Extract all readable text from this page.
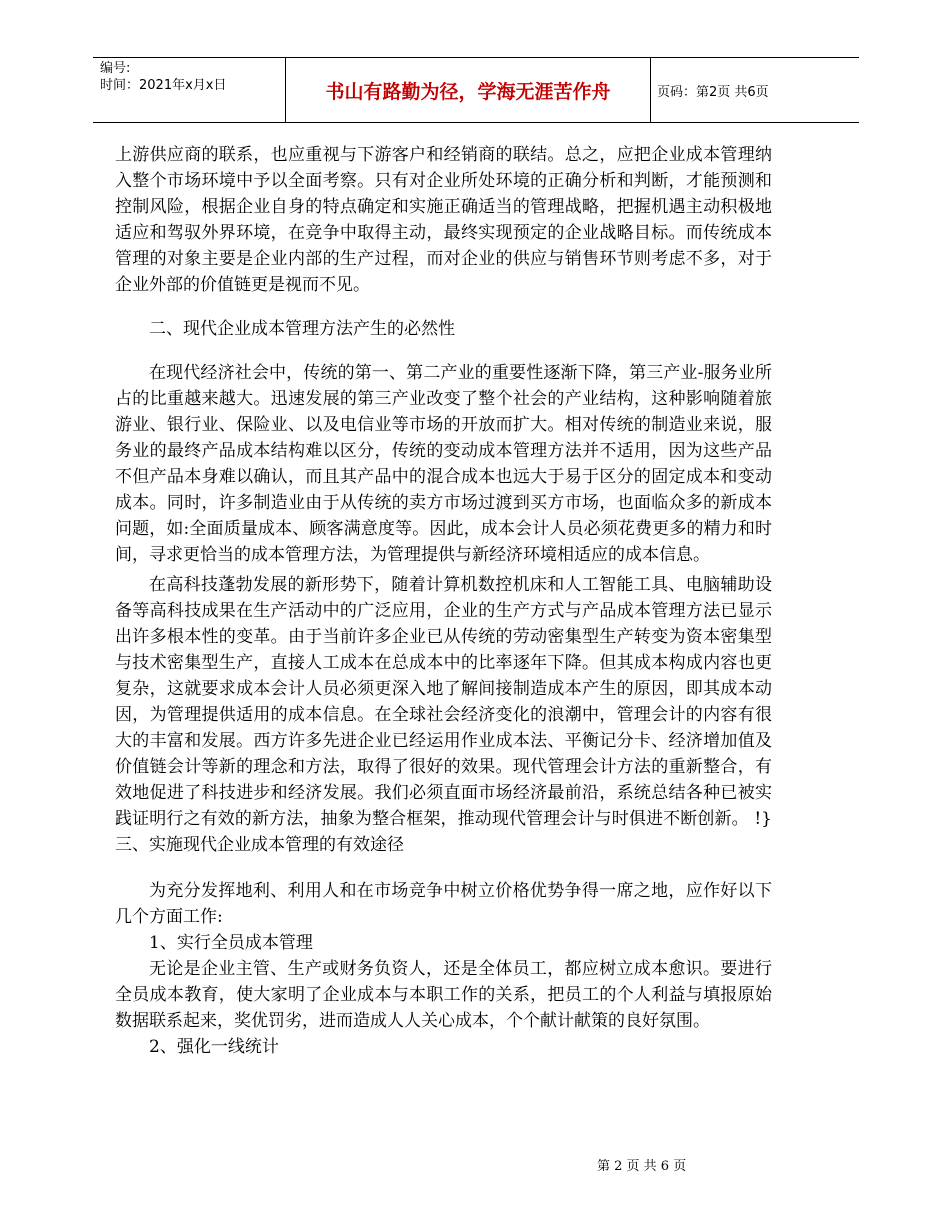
编号:
时间：2021年x月x日	书山有路勤为径，学海无涯苦作舟	页码：第2页 共6页

上游供应商的联系，也应重视与下游客户和经销商的联结。总之，应把企业成本管理纳入整个市场环境中予以全面考察。只有对企业所处环境的正确分析和判断，才能预测和控制风险，根据企业自身的特点确定和实施正确适当的管理战略，把握机遇主动积极地适应和驾驭外界环境，在竞争中取得主动，最终实现预定的企业战略目标。而传统成本管理的对象主要是企业内部的生产过程，而对企业的供应与销售环节则考虑不多，对于企业外部的价值链更是视而不见。

二、现代企业成本管理方法产生的必然性

在现代经济社会中，传统的第一、第二产业的重要性逐渐下降，第三产业-服务业所占的比重越来越大。迅速发展的第三产业改变了整个社会的产业结构，这种影响随着旅游业、银行业、保险业、以及电信业等市场的开放而扩大。相对传统的制造业来说，服务业的最终产品成本结构难以区分，传统的变动成本管理方法并不适用，因为这些产品不但产品本身难以确认，而且其产品中的混合成本也远大于易于区分的固定成本和变动成本。同时，许多制造业由于从传统的卖方市场过渡到买方市场，也面临众多的新成本问题，如:全面质量成本、顾客满意度等。因此，成本会计人员必须花费更多的精力和时间，寻求更恰当的成本管理方法，为管理提供与新经济环境相适应的成本信息。

在高科技蓬勃发展的新形势下，随着计算机数控机床和人工智能工具、电脑辅助设备等高科技成果在生产活动中的广泛应用，企业的生产方式与产品成本管理方法已显示出许多根本性的变革。由于当前许多企业已从传统的劳动密集型生产转变为资本密集型与技术密集型生产，直接人工成本在总成本中的比率逐年下降。但其成本构成内容也更复杂，这就要求成本会计人员必须更深入地了解间接制造成本产生的原因，即其成本动因，为管理提供适用的成本信息。在全球社会经济变化的浪潮中，管理会计的内容有很大的丰富和发展。西方许多先进企业已经运用作业成本法、平衡记分卡、经济增加值及价值链会计等新的理念和方法，取得了很好的效果。现代管理会计方法的重新整合，有效地促进了科技进步和经济发展。我们必须直面市场经济最前沿，系统总结各种已被实践证明行之有效的新方法，抽象为整合框架，推动现代管理会计与时俱进不断创新。 !} 三、实施现代企业成本管理的有效途径

为充分发挥地利、利用人和在市场竞争中树立价格优势争得一席之地，应作好以下几个方面工作:

1、实行全员成本管理

无论是企业主管、生产或财务负资人，还是全体员工，都应树立成本愈识。要进行全员成本教育，使大家明了企业成本与本职工作的关系，把员工的个人利益与填报原始数据联系起来，奖优罚劣，进而造成人人关心成本，个个献计献策的良好氛围。

2、强化一线统计

第 2 页 共 6 页
